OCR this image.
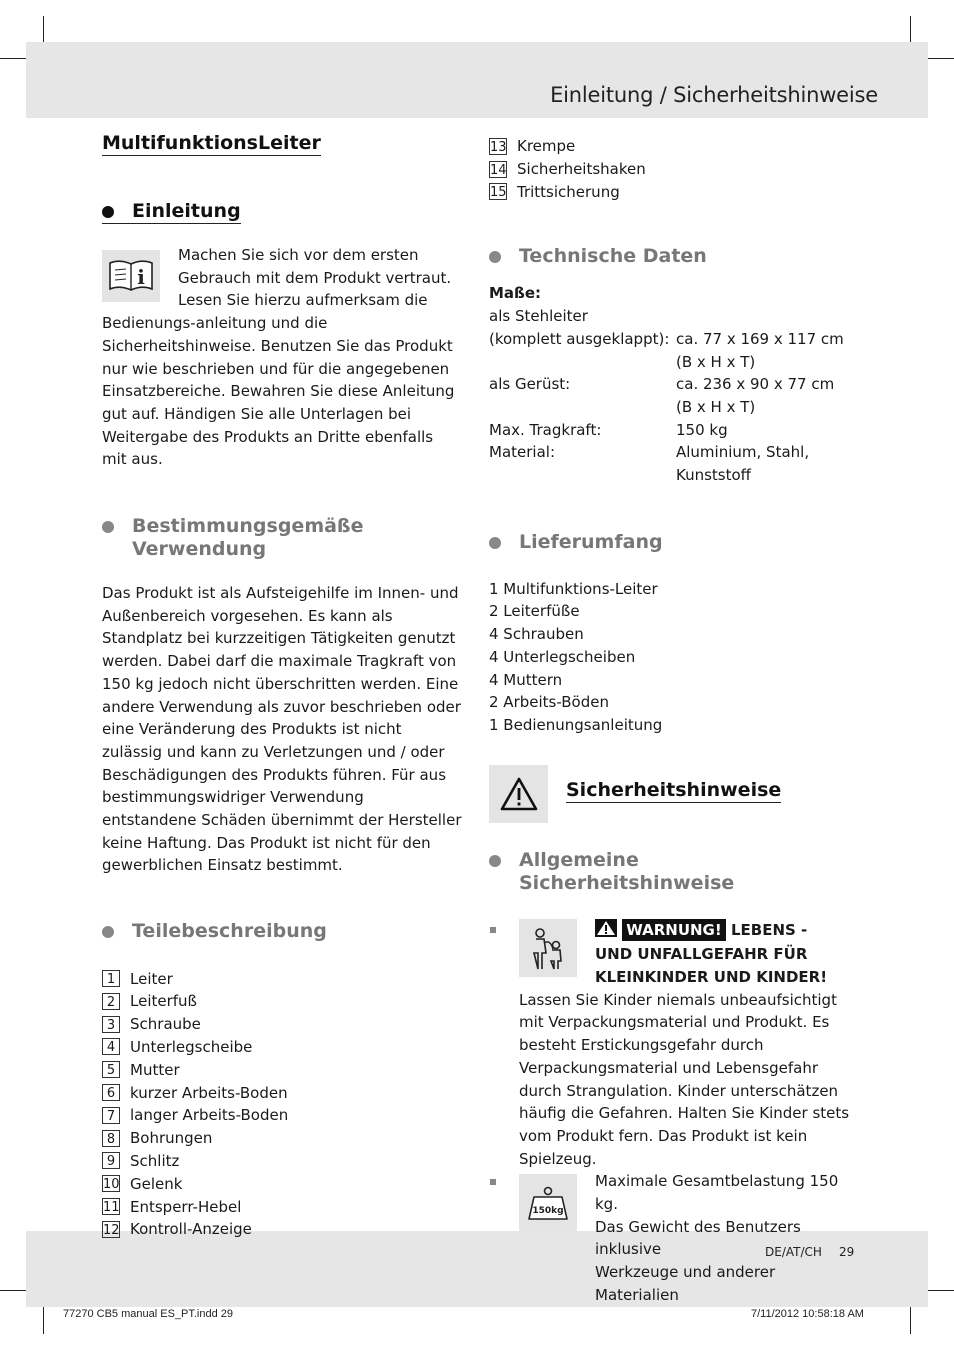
Einleitung / Sicherheitshinweise
DE/AT/CH 29
77270 CB5 manual ES_PT.indd 29	7/11/2012 10:58:18 AM
MultifunktionsLeiter
Einleitung
i
Machen Sie sich vor dem ersten
Gebrauch mit dem Produkt vertraut.
Lesen Sie hierzu aufmerksam die
Bedienungs-anleitung und die Sicherheitshinweise. Benutzen Sie das Produkt nur wie beschrieben und für die angegebenen Einsatzbereiche. Bewahren Sie diese Anleitung gut auf. Händigen Sie alle Unterlagen bei Weitergabe des Produkts an Dritte ebenfalls mit aus.
Bestimmungsgemäße
Verwendung
Das Produkt ist als Aufsteigehilfe im Innen- und Außenbereich vorgesehen. Es kann als Standplatz bei kurzzeitigen Tätigkeiten genutzt werden. Dabei darf die maximale Tragkraft von 150 kg jedoch nicht überschritten werden. Eine andere Verwendung als zuvor beschrieben oder eine Veränderung des Produkts ist nicht zulässig und kann zu Verletzungen und / oder Beschädigungen des Produkts führen. Für aus bestimmungswidriger Verwendung entstandene Schäden übernimmt der Hersteller keine Haftung. Das Produkt ist nicht für den gewerblichen Einsatz bestimmt.
Teilebeschreibung
1 Leiter
2 Leiterfuß
3 Schraube
4 Unterlegscheibe
5 Mutter
6 kurzer Arbeits-Boden
7 langer Arbeits-Boden
8 Bohrungen
9 Schlitz
10 Gelenk
11 Entsperr-Hebel
12 Kontroll-Anzeige
13 Krempe
14 Sicherheitshaken
15 Trittsicherung
Technische Daten
Maße:
als Stehleiter
(komplett ausgeklappt): ca. 77 x 169 x 117 cm
(B x H x T)
als Gerüst:	ca. 236 x 90 x 77 cm
(B x H x T)
Max. Tragkraft:	150 kg
Material:	Aluminium, Stahl,
Kunststoff
Lieferumfang
1 Multifunktions-Leiter
2 Leiterfüße
4 Schrauben
4 Unterlegscheiben
4 Muttern
2 Arbeits-Böden
1 Bedienungsanleitung
Sicherheitshinweise
Allgemeine Sicherheitshinweise
WARNUNG! LEBENS -
UND UNFALLGEFAHR FÜR
KLEINKINDER UND KINDER!
Lassen Sie Kinder niemals unbeaufsichtigt mit Verpackungsmaterial und Produkt. Es besteht Erstickungsgefahr durch Verpackungsmaterial und Lebensgefahr durch Strangulation. Kinder unterschätzen häufig die Gefahren. Halten Sie Kinder stets vom Produkt fern. Das Produkt ist kein Spielzeug.
150kg
Maximale Gesamtbelastung 150 kg.
Das Gewicht des Benutzers inklusive
Werkzeuge und anderer Materialien
